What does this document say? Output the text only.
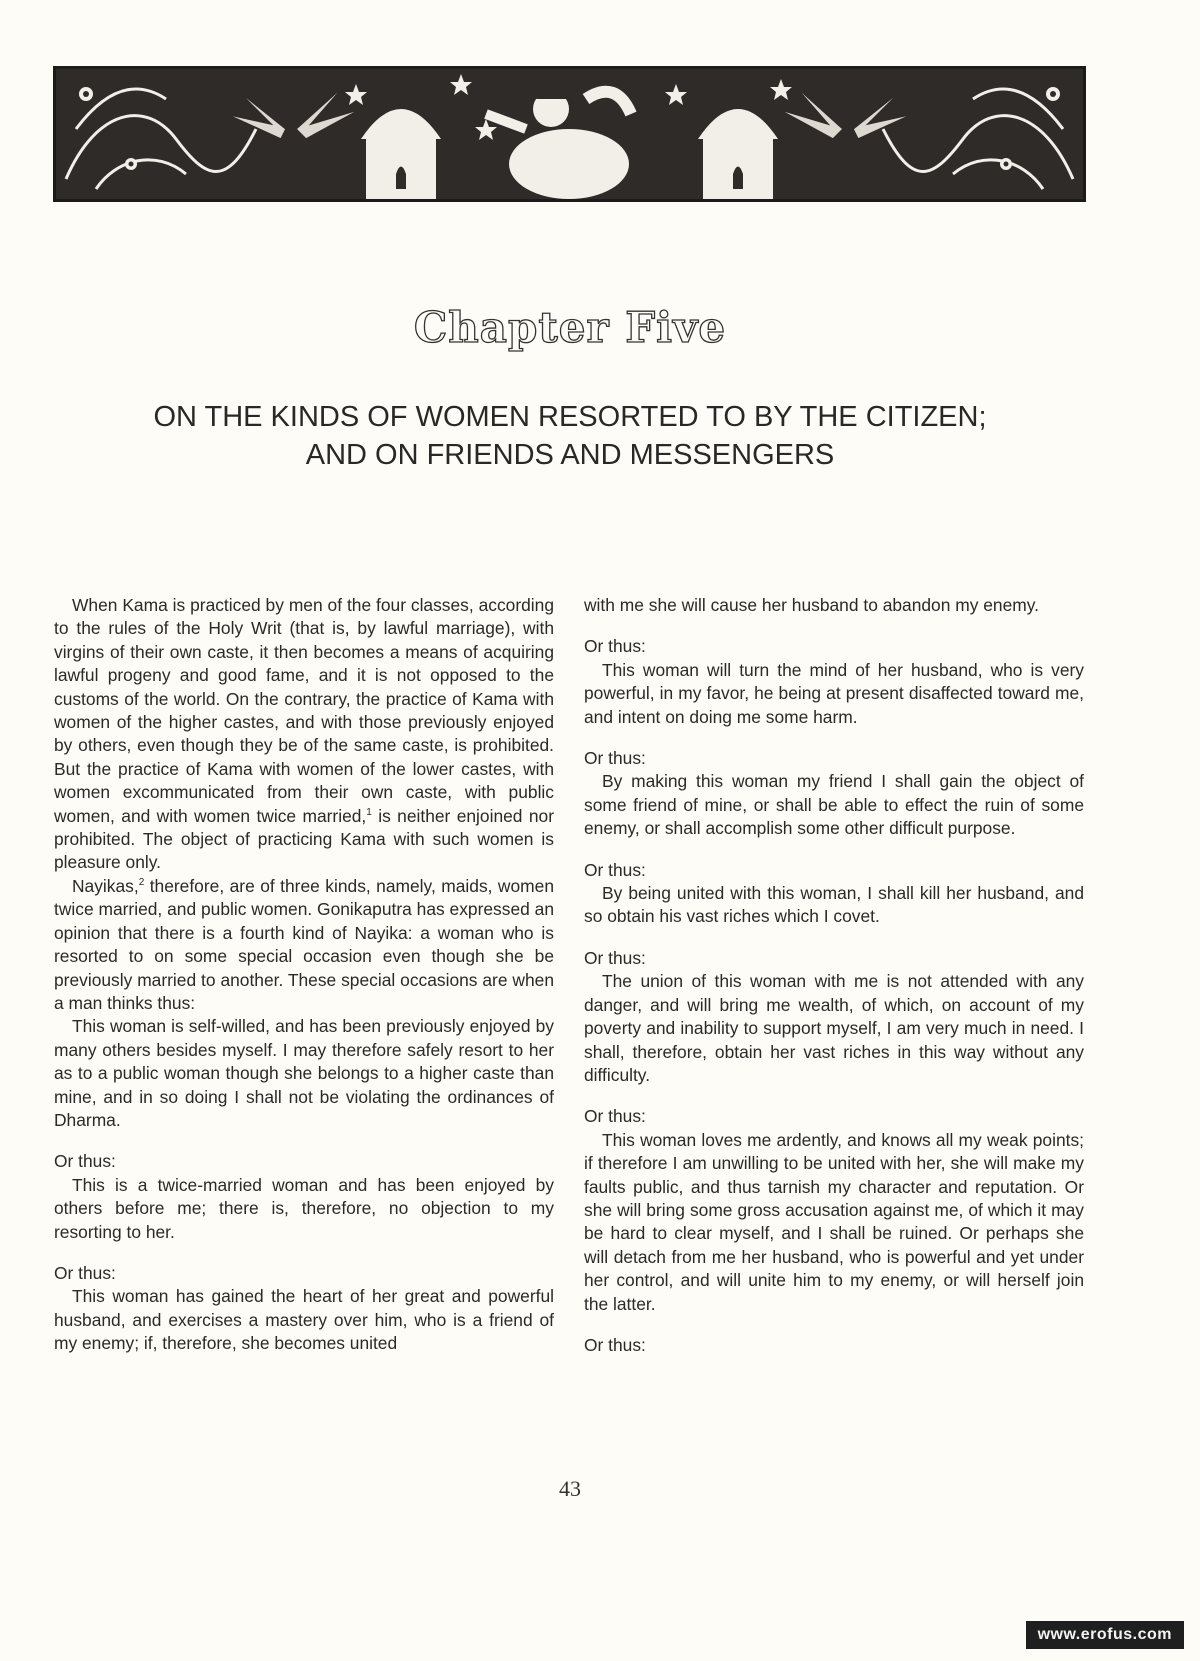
Chapter Five
ON THE KINDS OF WOMEN RESORTED TO BY THE CITIZEN;
AND ON FRIENDS AND MESSENGERS

When Kama is practiced by men of the four classes, according to the rules of the Holy Writ (that is, by lawful marriage), with virgins of their own caste, it then becomes a means of acquiring lawful progeny and good fame, and it is not opposed to the customs of the world. On the contrary, the practice of Kama with women of the higher castes, and with those previously enjoyed by others, even though they be of the same caste, is prohibited. But the practice of Kama with women of the lower castes, with women excommunicated from their own caste, with public women, and with women twice married,$^1$ is neither enjoined nor prohibited. The object of practicing Kama with such women is pleasure only.

Nayikas,$^2$ therefore, are of three kinds, namely, maids, women twice married, and public women. Gonikaputra has expressed an opinion that there is a fourth kind of Nayika: a woman who is resorted to on some special occasion even though she be previously married to another. These special occasions are when a man thinks thus:

This woman is self-willed, and has been previously enjoyed by many others besides myself. I may therefore safely resort to her as to a public woman though she belongs to a higher caste than mine, and in so doing I shall not be violating the ordinances of Dharma.

Or thus:

This is a twice-married woman and has been enjoyed by others before me; there is, therefore, no objection to my resorting to her.

Or thus:

This woman has gained the heart of her great and powerful husband, and exercises a mastery over him, who is a friend of my enemy; if, therefore, she becomes united

with me she will cause her husband to abandon my enemy.

Or thus:

This woman will turn the mind of her husband, who is very powerful, in my favor, he being at present disaffected toward me, and intent on doing me some harm.

Or thus:

By making this woman my friend I shall gain the object of some friend of mine, or shall be able to effect the ruin of some enemy, or shall accomplish some other difficult purpose.

Or thus:

By being united with this woman, I shall kill her husband, and so obtain his vast riches which I covet.

Or thus:

The union of this woman with me is not attended with any danger, and will bring me wealth, of which, on account of my poverty and inability to support myself, I am very much in need. I shall, therefore, obtain her vast riches in this way without any difficulty.

Or thus:

This woman loves me ardently, and knows all my weak points; if therefore I am unwilling to be united with her, she will make my faults public, and thus tarnish my character and reputation. Or she will bring some gross accusation against me, of which it may be hard to clear myself, and I shall be ruined. Or perhaps she will detach from me her husband, who is powerful and yet under her control, and will unite him to my enemy, or will herself join the latter.

Or thus:

43
www.erofus.com
